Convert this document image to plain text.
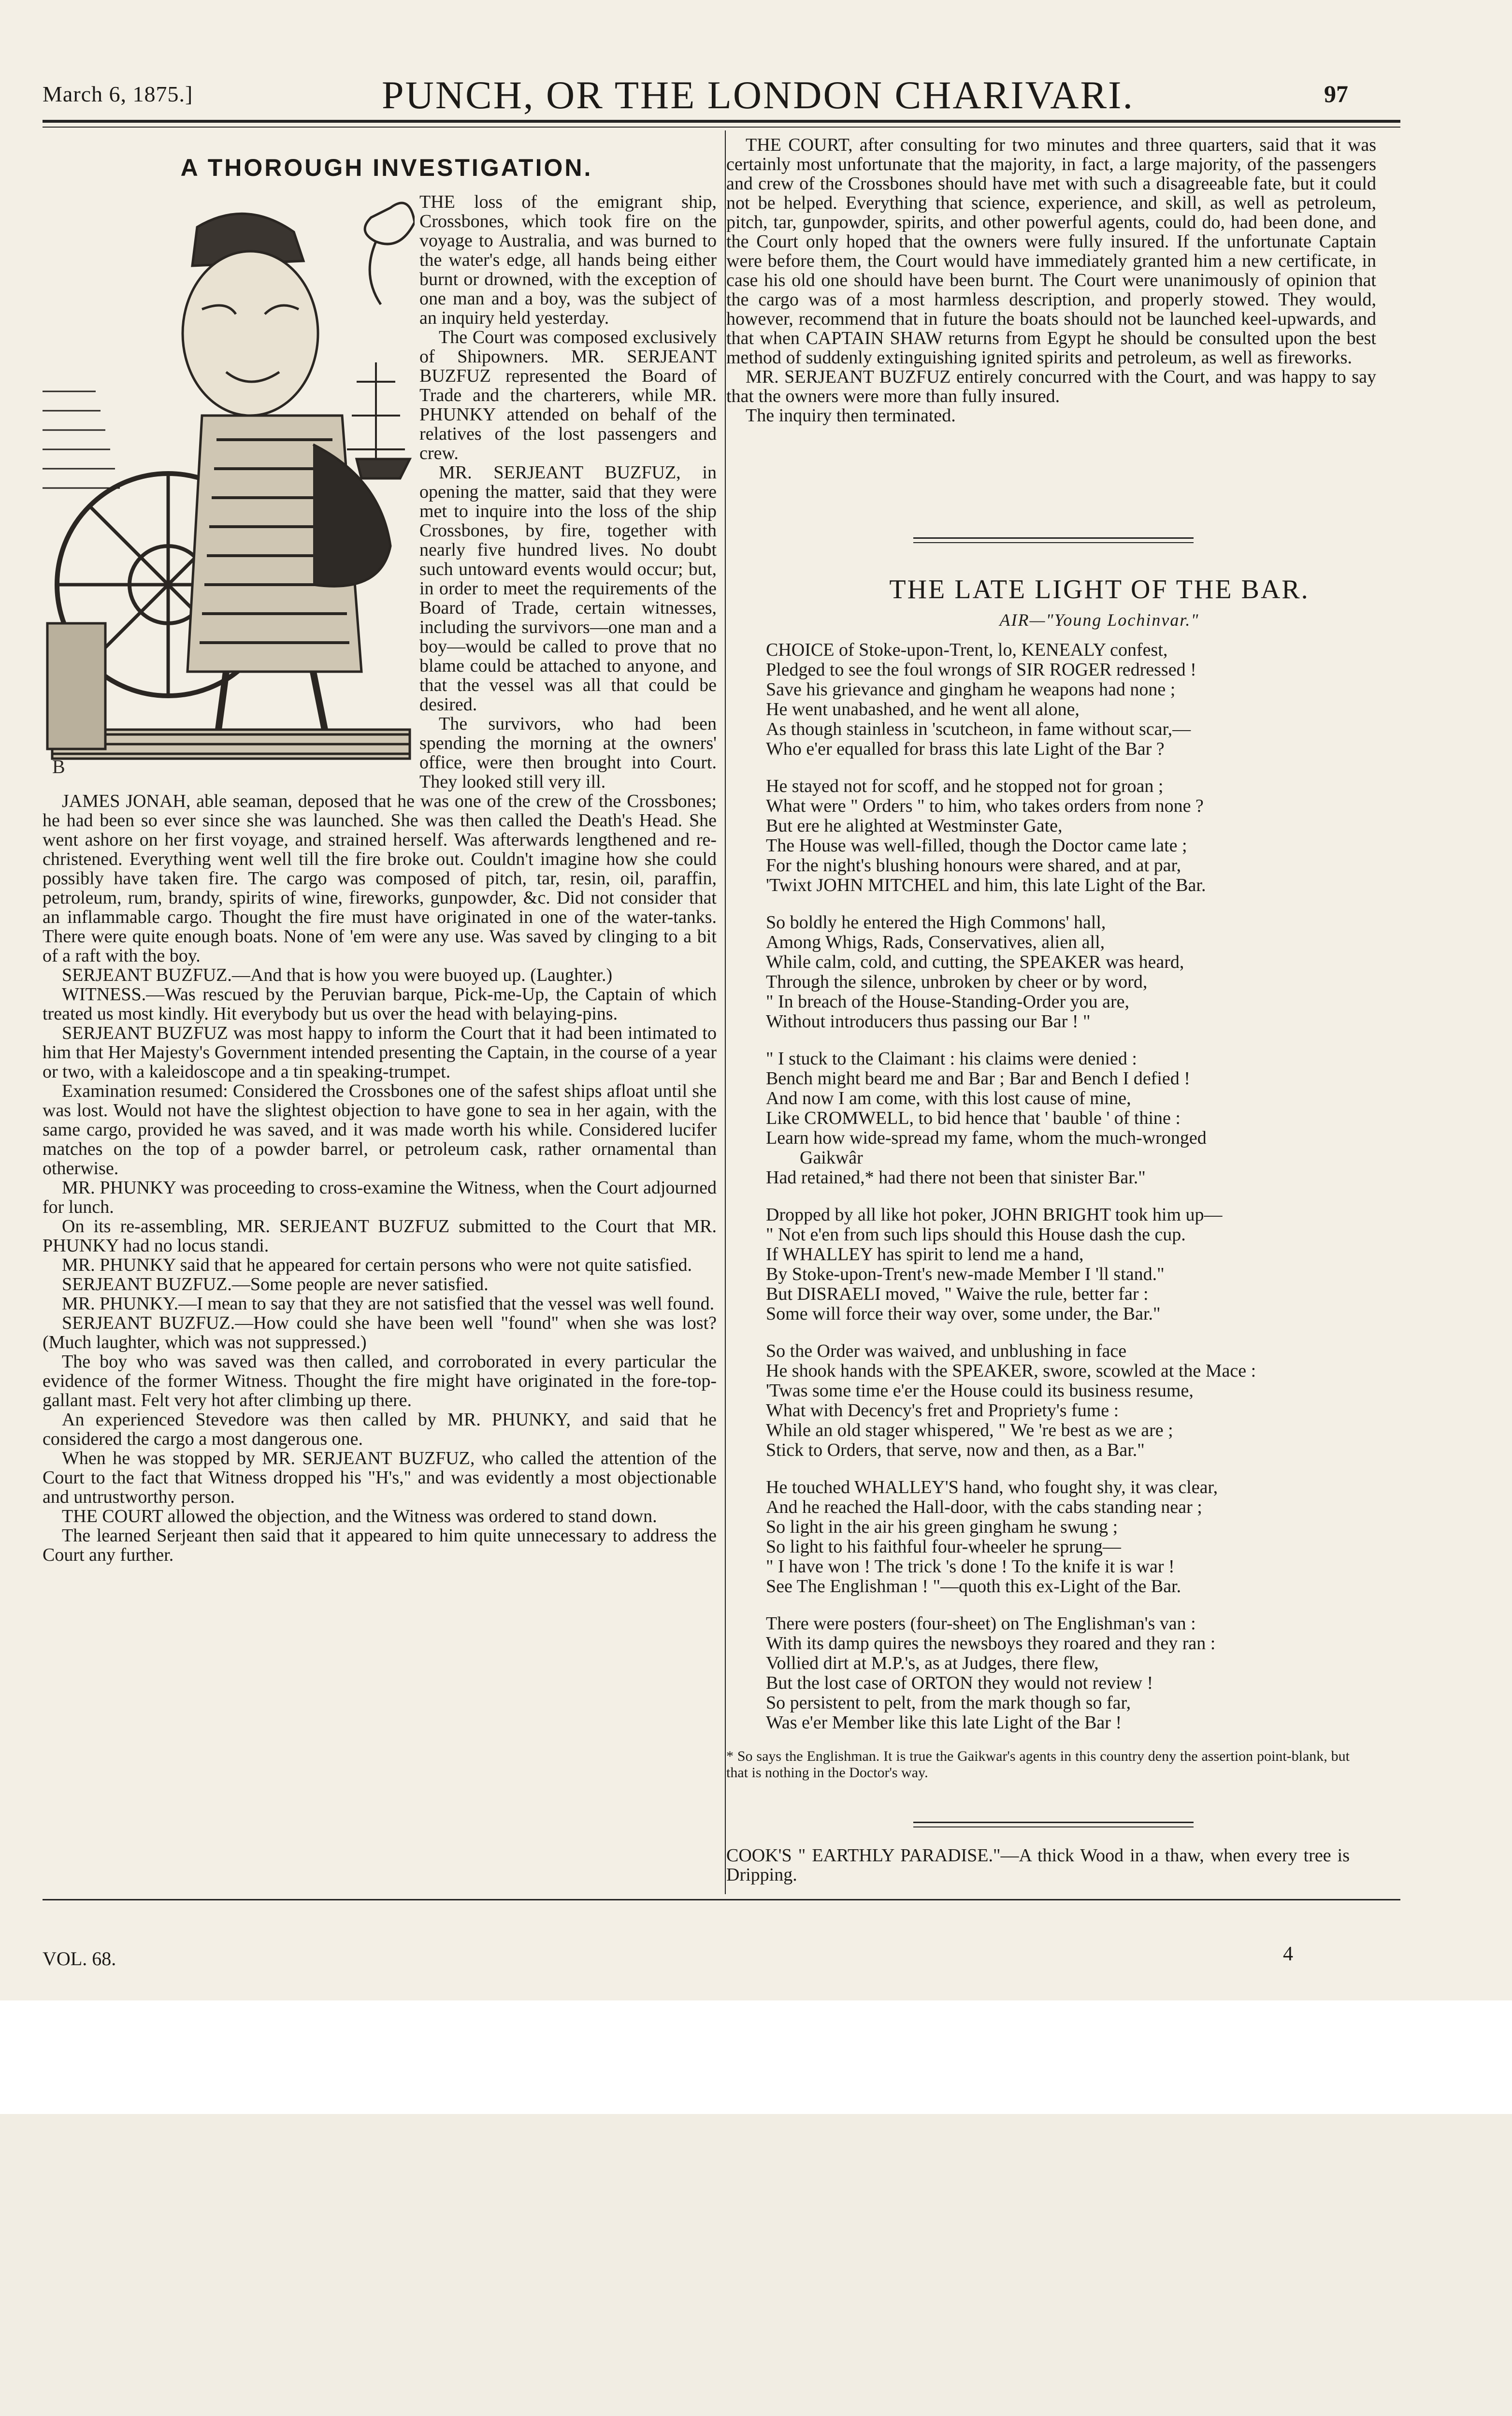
March 6, 1875.]	PUNCH, OR THE LONDON CHARIVARI.	97
A THOROUGH INVESTIGATION.
B

THE loss of the emigrant ship, Crossbones, which took fire on the voyage to Australia, and was burned to the water's edge, all hands being either burnt or drowned, with the exception of one man and a boy, was the subject of an inquiry held yesterday.

The Court was composed exclusively of Shipowners. MR. SERJEANT BUZFUZ represented the Board of Trade and the charterers, while MR. PHUNKY attended on behalf of the relatives of the lost passengers and crew.

MR. SERJEANT BUZFUZ, in opening the matter, said that they were met to inquire into the loss of the ship Crossbones, by fire, together with nearly five hundred lives. No doubt such untoward events would occur; but, in order to meet the requirements of the Board of Trade, certain witnesses, including the survivors—one man and a boy—would be called to prove that no blame could be attached to anyone, and that the vessel was all that could be desired.

The survivors, who had been spending the morning at the owners' office, were then brought into Court. They looked still very ill.

JAMES JONAH, able seaman, deposed that he was one of the crew of the Crossbones; he had been so ever since she was launched. She was then called the Death's Head. She went ashore on her first voyage, and strained herself. Was afterwards lengthened and re-christened. Everything went well till the fire broke out. Couldn't imagine how she could possibly have taken fire. The cargo was composed of pitch, tar, resin, oil, paraffin, petroleum, rum, brandy, spirits of wine, fireworks, gunpowder, &c. Did not consider that an inflammable cargo. Thought the fire must have originated in one of the water-tanks. There were quite enough boats. None of 'em were any use. Was saved by clinging to a bit of a raft with the boy.

SERJEANT BUZFUZ.—And that is how you were buoyed up. (Laughter.)

WITNESS.—Was rescued by the Peruvian barque, Pick-me-Up, the Captain of which treated us most kindly. Hit everybody but us over the head with belaying-pins.

SERJEANT BUZFUZ was most happy to inform the Court that it had been intimated to him that Her Majesty's Government intended presenting the Captain, in the course of a year or two, with a kaleidoscope and a tin speaking-trumpet.

Examination resumed: Considered the Crossbones one of the safest ships afloat until she was lost. Would not have the slightest objection to have gone to sea in her again, with the same cargo, provided he was saved, and it was made worth his while. Considered lucifer matches on the top of a powder barrel, or petroleum cask, rather ornamental than otherwise.

MR. PHUNKY was proceeding to cross-examine the Witness, when the Court adjourned for lunch.

On its re-assembling, MR. SERJEANT BUZFUZ submitted to the Court that MR. PHUNKY had no locus standi.

MR. PHUNKY said that he appeared for certain persons who were not quite satisfied.

SERJEANT BUZFUZ.—Some people are never satisfied.

MR. PHUNKY.—I mean to say that they are not satisfied that the vessel was well found.

SERJEANT BUZFUZ.—How could she have been well "found" when she was lost? (Much laughter, which was not suppressed.)

The boy who was saved was then called, and corroborated in every particular the evidence of the former Witness. Thought the fire might have originated in the fore-top-gallant mast. Felt very hot after climbing up there.

An experienced Stevedore was then called by MR. PHUNKY, and said that he considered the cargo a most dangerous one.

When he was stopped by MR. SERJEANT BUZFUZ, who called the attention of the Court to the fact that Witness dropped his "H's," and was evidently a most objectionable and untrustworthy person.

THE COURT allowed the objection, and the Witness was ordered to stand down.

The learned Serjeant then said that it appeared to him quite unnecessary to address the Court any further.

THE COURT, after consulting for two minutes and three quarters, said that it was certainly most unfortunate that the majority, in fact, a large majority, of the passengers and crew of the Crossbones should have met with such a disagreeable fate, but it could not be helped. Everything that science, experience, and skill, as well as petroleum, pitch, tar, gunpowder, spirits, and other powerful agents, could do, had been done, and the Court only hoped that the owners were fully insured. If the unfortunate Captain were before them, the Court would have immediately granted him a new certificate, in case his old one should have been burnt. The Court were unanimously of opinion that the cargo was of a most harmless description, and properly stowed. They would, however, recommend that in future the boats should not be launched keel-upwards, and that when CAPTAIN SHAW returns from Egypt he should be consulted upon the best method of suddenly extinguishing ignited spirits and petroleum, as well as fireworks.

MR. SERJEANT BUZFUZ entirely concurred with the Court, and was happy to say that the owners were more than fully insured.

The inquiry then terminated.

THE LATE LIGHT OF THE BAR.
AIR—"Young Lochinvar."
CHOICE of Stoke-upon-Trent, lo, KENEALY confest,
Pledged to see the foul wrongs of SIR ROGER redressed !
Save his grievance and gingham he weapons had none ;
He went unabashed, and he went all alone,
As though stainless in 'scutcheon, in fame without scar,—
Who e'er equalled for brass this late Light of the Bar ?
He stayed not for scoff, and he stopped not for groan ;
What were " Orders " to him, who takes orders from none ?
But ere he alighted at Westminster Gate,
The House was well-filled, though the Doctor came late ;
For the night's blushing honours were shared, and at par,
'Twixt JOHN MITCHEL and him, this late Light of the Bar.
So boldly he entered the High Commons' hall,
Among Whigs, Rads, Conservatives, alien all,
While calm, cold, and cutting, the SPEAKER was heard,
Through the silence, unbroken by cheer or by word,
" In breach of the House-Standing-Order you are,
Without introducers thus passing our Bar ! "
" I stuck to the Claimant : his claims were denied :
Bench might beard me and Bar ; Bar and Bench I defied !
And now I am come, with this lost cause of mine,
Like CROMWELL, to bid hence that ' bauble ' of thine :
Learn how wide-spread my fame, whom the much-wronged
Gaikwâr
Had retained,* had there not been that sinister Bar."
Dropped by all like hot poker, JOHN BRIGHT took him up—
" Not e'en from such lips should this House dash the cup.
If WHALLEY has spirit to lend me a hand,
By Stoke-upon-Trent's new-made Member I 'll stand."
But DISRAELI moved, " Waive the rule, better far :
Some will force their way over, some under, the Bar."
So the Order was waived, and unblushing in face
He shook hands with the SPEAKER, swore, scowled at the Mace :
'Twas some time e'er the House could its business resume,
What with Decency's fret and Propriety's fume :
While an old stager whispered, " We 're best as we are ;
Stick to Orders, that serve, now and then, as a Bar."
He touched WHALLEY'S hand, who fought shy, it was clear,
And he reached the Hall-door, with the cabs standing near ;
So light in the air his green gingham he swung ;
So light to his faithful four-wheeler he sprung—
" I have won ! The trick 's done ! To the knife it is war !
See The Englishman ! "—quoth this ex-Light of the Bar.
There were posters (four-sheet) on The Englishman's van :
With its damp quires the newsboys they roared and they ran :
Vollied dirt at M.P.'s, as at Judges, there flew,
But the lost case of ORTON they would not review !
So persistent to pelt, from the mark though so far,
Was e'er Member like this late Light of the Bar !
* So says the Englishman. It is true the Gaikwar's agents in this country deny the assertion point-blank, but that is nothing in the Doctor's way.
COOK'S " EARTHLY PARADISE."—A thick Wood in a thaw, when every tree is Dripping.
VOL. 68.	4
